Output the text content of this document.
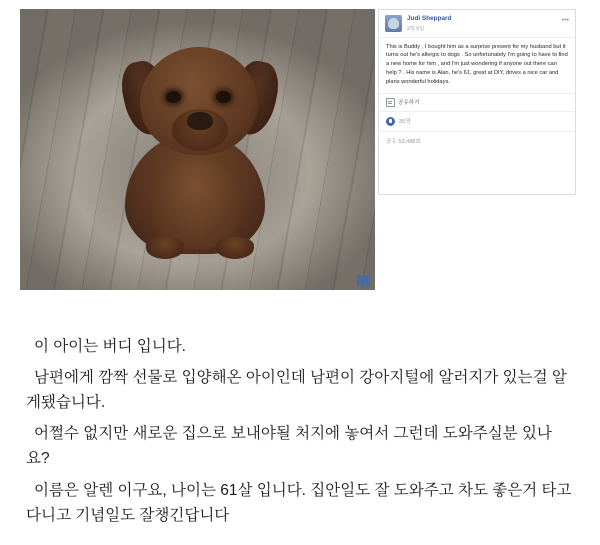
Judi Sheppard
2일 6일
•••
This is Buddy , I bought him as a surprise present for my husband but it turns out he's allergic to dogs . So unfortunately I'm going to have to find a new home for him , and I'm just wondering if anyone out there can help ? . His name is Alan, he's 61, great at DIY, drives a nice car and plans wonderful holidays.
공유하기
35명
공유 53,496회

이 아이는 버디 입니다.

남편에게 깜짝 선물로 입양해온 아이인데 남편이 강아지털에 알러지가 있는걸 알게됐습니다.

어쩔수 없지만 새로운 집으로 보내야될 처지에 놓여서 그런데 도와주실분 있나요?

이름은 알렌 이구요, 나이는 61살 입니다. 집안일도 잘 도와주고 차도 좋은거 타고다니고 기념일도 잘챙긴답니다
